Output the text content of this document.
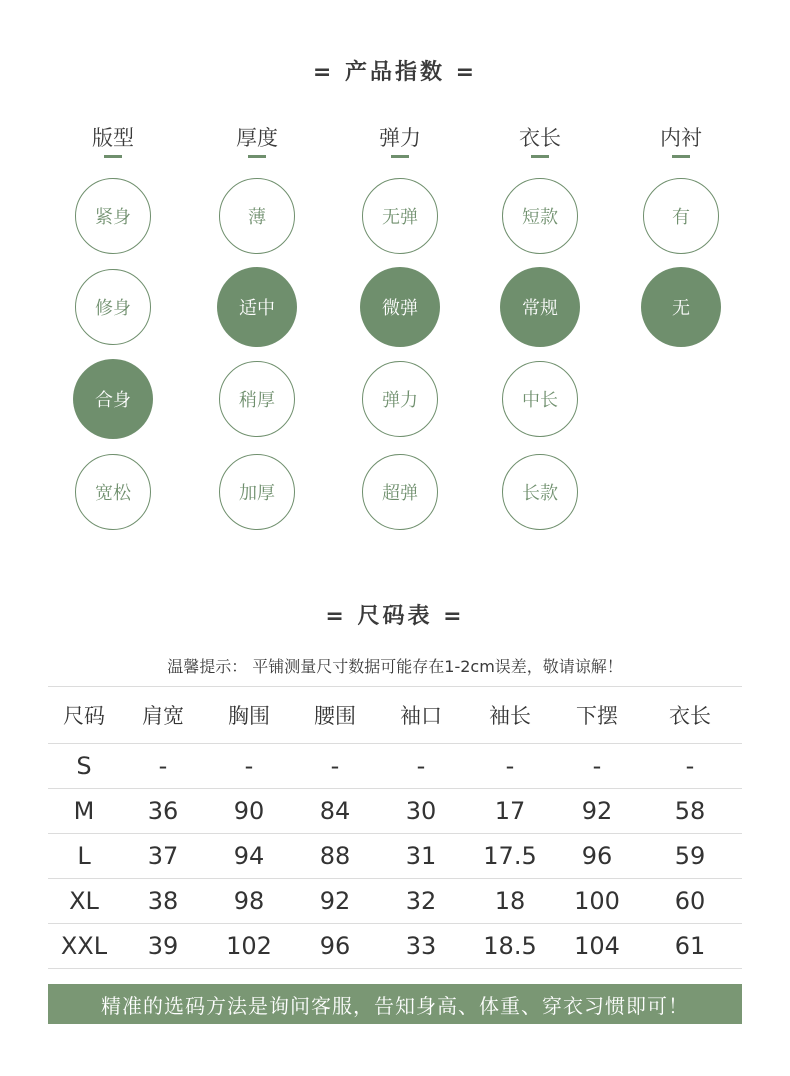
= 产品指数 =
版型
紧身
修身
合身
宽松
厚度
薄
适中
稍厚
加厚
弹力
无弹
微弹
弹力
超弹
衣长
短款
常规
中长
长款
内衬
有
无
= 尺码表 =
温馨提示： 平铺测量尺寸数据可能存在1-2cm误差，敬请谅解！
尺码	肩宽	胸围	腰围	袖口	袖长	下摆	衣长
S	-	-	-	-	-	-	-
M	36	90	84	30	17	92	58
L	37	94	88	31	17.5	96	59
XL	38	98	92	32	18	100	60
XXL	39	102	96	33	18.5	104	61
精准的选码方法是询问客服，告知身高、体重、穿衣习惯即可！
